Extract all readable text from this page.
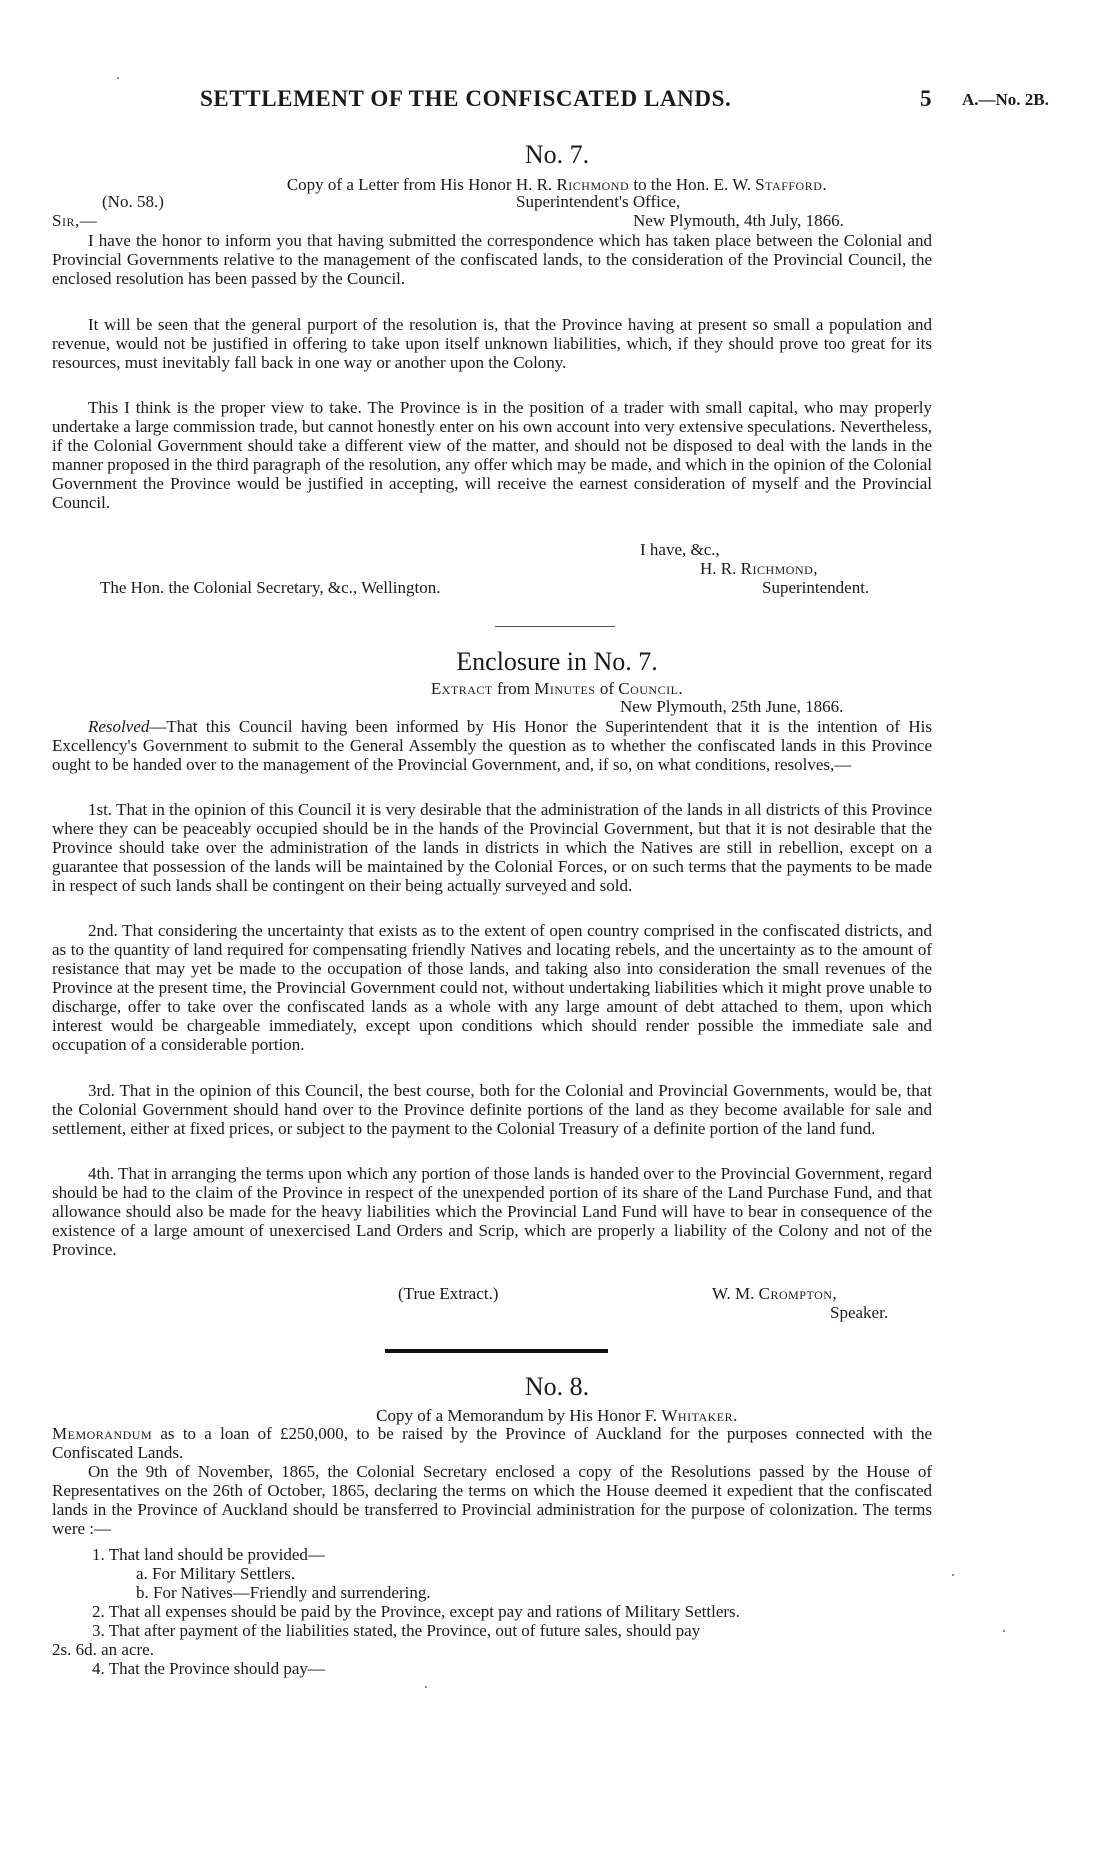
SETTLEMENT OF THE CONFISCATED LANDS.	5 A.—No. 2B.
No. 7.
Copy of a Letter from His Honor H. R. Richmond to the Hon. E. W. Stafford.
(No. 58.)	Superintendent's Office,
Sir,—	New Plymouth, 4th July, 1866.
I have the honor to inform you that having submitted the correspondence which has taken place between the Colonial and Provincial Governments relative to the management of the confiscated lands, to the consideration of the Provincial Council, the enclosed resolution has been passed by the Council.
It will be seen that the general purport of the resolution is, that the Province having at present so small a population and revenue, would not be justified in offering to take upon itself unknown liabilities, which, if they should prove too great for its resources, must inevitably fall back in one way or another upon the Colony.
This I think is the proper view to take. The Province is in the position of a trader with small capital, who may properly undertake a large commission trade, but cannot honestly enter on his own account into very extensive speculations. Nevertheless, if the Colonial Government should take a different view of the matter, and should not be disposed to deal with the lands in the manner proposed in the third paragraph of the resolution, any offer which may be made, and which in the opinion of the Colonial Government the Province would be justified in accepting, will receive the earnest consideration of myself and the Provincial Council.
I have, &c.,
H. R. Richmond,
The Hon. the Colonial Secretary, &c., Wellington.	Superintendent.
Enclosure in No. 7.
Extract from Minutes of Council.
New Plymouth, 25th June, 1866.
Resolved—That this Council having been informed by His Honor the Superintendent that it is the intention of His Excellency's Government to submit to the General Assembly the question as to whether the confiscated lands in this Province ought to be handed over to the management of the Provincial Government, and, if so, on what conditions, resolves,—
1st. That in the opinion of this Council it is very desirable that the administration of the lands in all districts of this Province where they can be peaceably occupied should be in the hands of the Provincial Government, but that it is not desirable that the Province should take over the administration of the lands in districts in which the Natives are still in rebellion, except on a guarantee that possession of the lands will be maintained by the Colonial Forces, or on such terms that the payments to be made in respect of such lands shall be contingent on their being actually surveyed and sold.
2nd. That considering the uncertainty that exists as to the extent of open country comprised in the confiscated districts, and as to the quantity of land required for compensating friendly Natives and locating rebels, and the uncertainty as to the amount of resistance that may yet be made to the occupation of those lands, and taking also into consideration the small revenues of the Province at the present time, the Provincial Government could not, without undertaking liabilities which it might prove unable to discharge, offer to take over the confiscated lands as a whole with any large amount of debt attached to them, upon which interest would be chargeable immediately, except upon conditions which should render possible the immediate sale and occupation of a considerable portion.
3rd. That in the opinion of this Council, the best course, both for the Colonial and Provincial Governments, would be, that the Colonial Government should hand over to the Province definite portions of the land as they become available for sale and settlement, either at fixed prices, or subject to the payment to the Colonial Treasury of a definite portion of the land fund.
4th. That in arranging the terms upon which any portion of those lands is handed over to the Provincial Government, regard should be had to the claim of the Province in respect of the unexpended portion of its share of the Land Purchase Fund, and that allowance should also be made for the heavy liabilities which the Provincial Land Fund will have to bear in consequence of the existence of a large amount of unexercised Land Orders and Scrip, which are properly a liability of the Colony and not of the Province.
(True Extract.)	W. M. Crompton,
Speaker.
No. 8.
Copy of a Memorandum by His Honor F. Whitaker.
Memorandum as to a loan of £250,000, to be raised by the Province of Auckland for the purposes connected with the Confiscated Lands.
On the 9th of November, 1865, the Colonial Secretary enclosed a copy of the Resolutions passed by the House of Representatives on the 26th of October, 1865, declaring the terms on which the House deemed it expedient that the confiscated lands in the Province of Auckland should be transferred to Provincial administration for the purpose of colonization. The terms were :—
1. That land should be provided—
a. For Military Settlers.
b. For Natives—Friendly and surrendering.
2. That all expenses should be paid by the Province, except pay and rations of Military Settlers.
3. That after payment of the liabilities stated, the Province, out of future sales, should pay
2s. 6d. an acre.
4. That the Province should pay—
